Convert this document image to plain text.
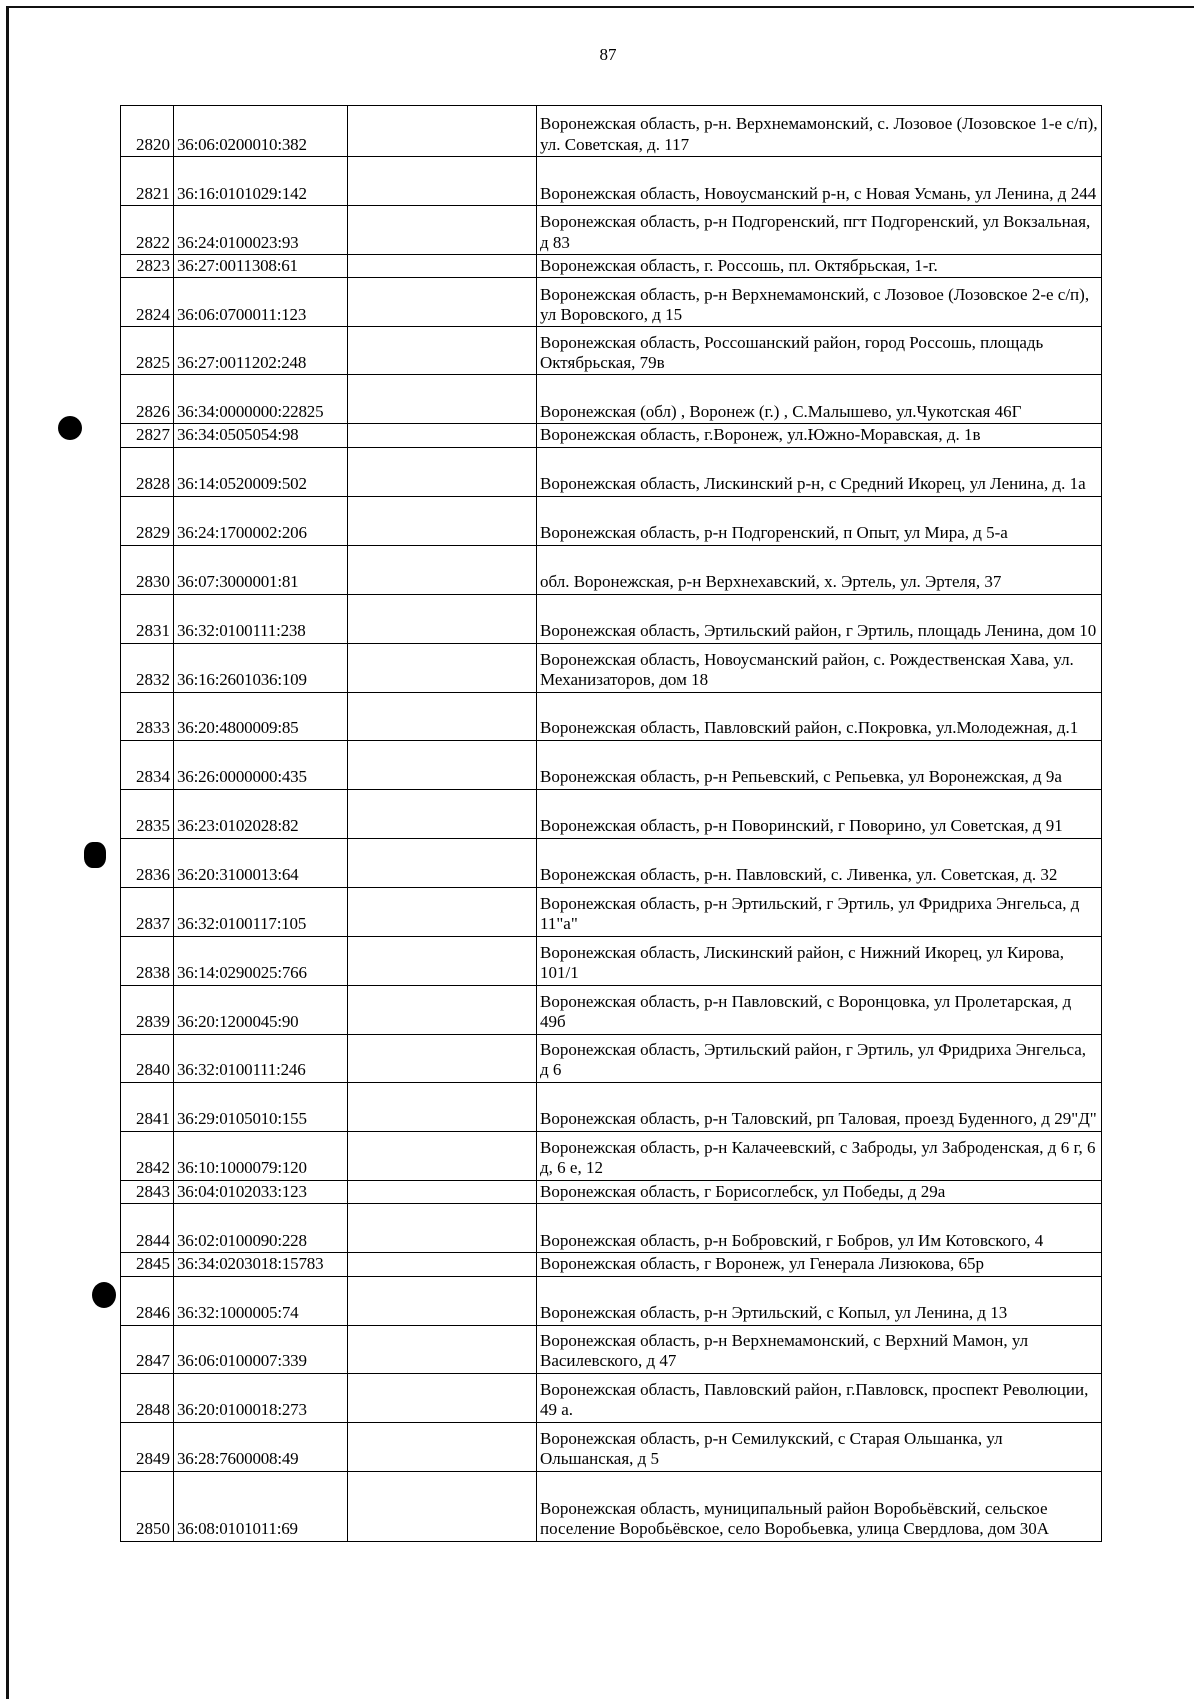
87
2820	36:06:0200010:382		Воронежская область, р-н. Верхнемамонский, с. Лозовое (Лозовское 1-е с/п), ул. Советская, д. 117
2821	36:16:0101029:142		Воронежская область, Новоусманский р-н, с Новая Усмань, ул Ленина, д 244
2822	36:24:0100023:93		Воронежская область, р-н Подгоренский, пгт Подгоренский, ул Вокзальная, д 83
2823	36:27:0011308:61		Воронежская область, г. Россошь, пл. Октябрьская, 1-г.
2824	36:06:0700011:123		Воронежская область, р-н Верхнемамонский, с Лозовое (Лозовское 2-е с/п), ул Воровского, д 15
2825	36:27:0011202:248		Воронежская область, Россошанский район, город Россошь, площадь Октябрьская, 79в
2826	36:34:0000000:22825		Воронежская (обл) , Воронеж (г.) , С.Малышево, ул.Чукотская 46Г
2827	36:34:0505054:98		Воронежская область, г.Воронеж, ул.Южно-Моравская, д. 1в
2828	36:14:0520009:502		Воронежская область, Лискинский р-н, с Средний Икорец, ул Ленина, д. 1а
2829	36:24:1700002:206		Воронежская область, р-н Подгоренский, п Опыт, ул Мира, д 5-а
2830	36:07:3000001:81		обл. Воронежская, р-н Верхнехавский, х. Эртель, ул. Эртеля, 37
2831	36:32:0100111:238		Воронежская область, Эртильский район, г Эртиль, площадь Ленина, дом 10
2832	36:16:2601036:109		Воронежская область, Новоусманский район, с. Рождественская Хава, ул. Механизаторов, дом 18
2833	36:20:4800009:85		Воронежская область, Павловский район, с.Покровка, ул.Молодежная, д.1
2834	36:26:0000000:435		Воронежская область, р-н Репьевский, с Репьевка, ул Воронежская, д 9а
2835	36:23:0102028:82		Воронежская область, р-н Поворинский, г Поворино, ул Советская, д 91
2836	36:20:3100013:64		Воронежская область, р-н. Павловский, с. Ливенка, ул. Советская, д. 32
2837	36:32:0100117:105		Воронежская область, р-н Эртильский, г Эртиль, ул Фридриха Энгельса, д 11"а"
2838	36:14:0290025:766		Воронежская область, Лискинский район, с Нижний Икорец, ул Кирова, 101/1
2839	36:20:1200045:90		Воронежская область, р-н Павловский, с Воронцовка, ул Пролетарская, д 49б
2840	36:32:0100111:246		Воронежская область, Эртильский район, г Эртиль, ул Фридриха Энгельса, д 6
2841	36:29:0105010:155		Воронежская область, р-н Таловский, рп Таловая, проезд Буденного, д 29"Д"
2842	36:10:1000079:120		Воронежская область, р-н Калачеевский, с Заброды, ул Заброденская, д 6 г, 6 д, 6 е, 12
2843	36:04:0102033:123		Воронежская область, г Борисоглебск, ул Победы, д 29а
2844	36:02:0100090:228		Воронежская область, р-н Бобровский, г Бобров, ул Им Котовского, 4
2845	36:34:0203018:15783		Воронежская область, г Воронеж, ул Генерала Лизюкова, 65р
2846	36:32:1000005:74		Воронежская область, р-н Эртильский, с Копыл, ул Ленина, д 13
2847	36:06:0100007:339		Воронежская область, р-н Верхнемамонский, с Верхний Мамон, ул Василевского, д 47
2848	36:20:0100018:273		Воронежская область, Павловский район, г.Павловск, проспект Революции, 49 а.
2849	36:28:7600008:49		Воронежская область, р-н Семилукский, с Старая Ольшанка, ул Ольшанская, д 5
2850	36:08:0101011:69		Воронежская область, муниципальный район Воробьёвский, сельское поселение Воробьёвское, село Воробьевка, улица Свердлова, дом 30А
